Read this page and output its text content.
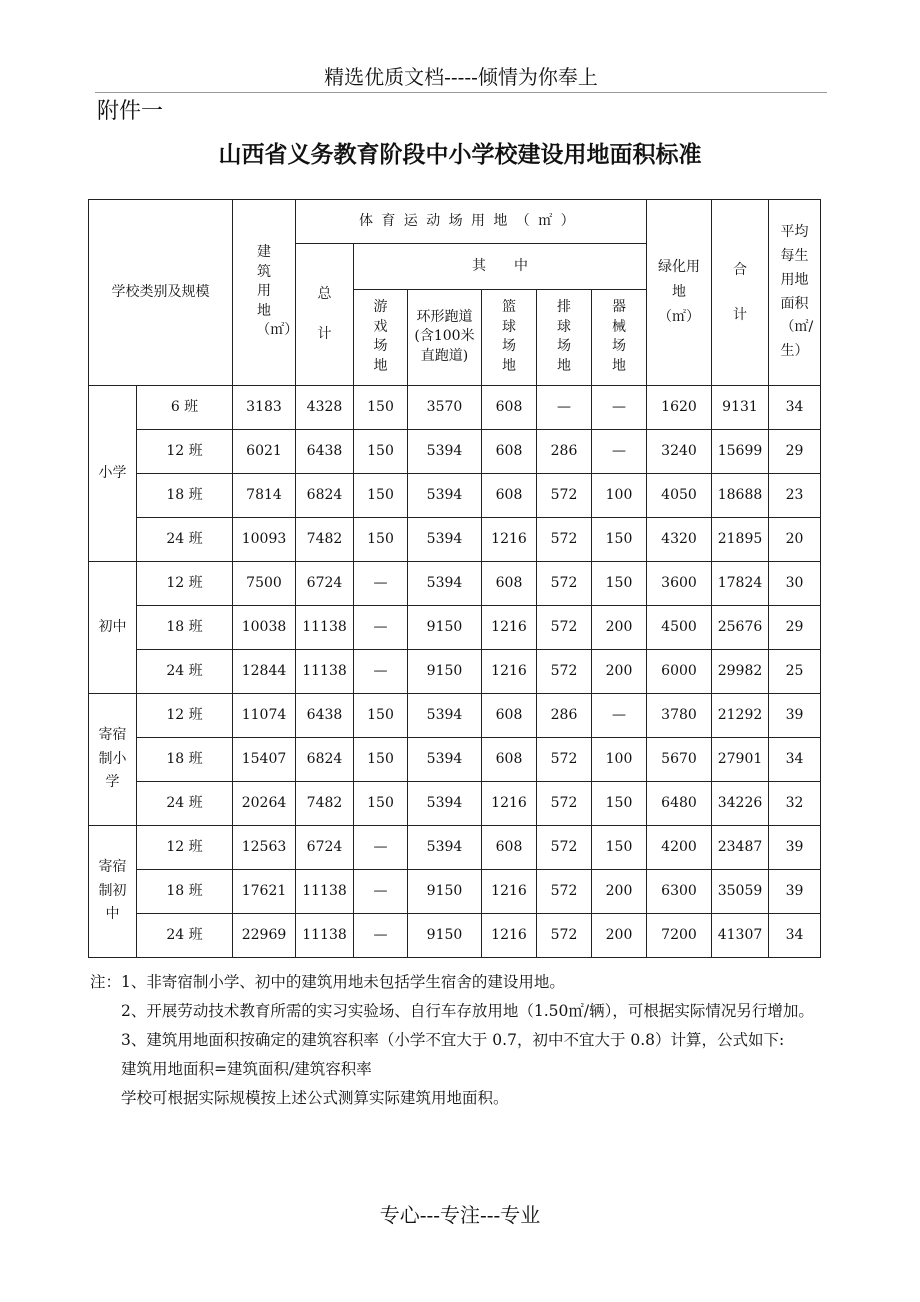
精选优质文档-----倾情为你奉上
附件一
山西省义务教育阶段中小学校建设用地面积标准
学校类别及规模		建筑用地（㎡）	体育运动场用地（㎡）						绿化用地（㎡）	合计	平均每生用地面积（㎡/生）
			总计	其　　中							
				游戏场地	环形跑道(含100米直跑道)	篮球场地	排球场地	器械场地			
小学	6 班	3183	4328	150	3570	608	—	—	1620	9131	34
	12 班	6021	6438	150	5394	608	286	—	3240	15699	29
	18 班	7814	6824	150	5394	608	572	100	4050	18688	23
	24 班	10093	7482	150	5394	1216	572	150	4320	21895	20
初中	12 班	7500	6724	—	5394	608	572	150	3600	17824	30
	18 班	10038	11138	—	9150	1216	572	200	4500	25676	29
	24 班	12844	11138	—	9150	1216	572	200	6000	29982	25
寄宿制小学	12 班	11074	6438	150	5394	608	286	—	3780	21292	39
	18 班	15407	6824	150	5394	608	572	100	5670	27901	34
	24 班	20264	7482	150	5394	1216	572	150	6480	34226	32
寄宿制初中	12 班	12563	6724	—	5394	608	572	150	4200	23487	39
	18 班	17621	11138	—	9150	1216	572	200	6300	35059	39
	24 班	22969	11138	—	9150	1216	572	200	7200	41307	34

注：1、非寄宿制小学、初中的建筑用地未包括学生宿舍的建设用地。

2、开展劳动技术教育所需的实习实验场、自行车存放用地（1.50㎡/辆），可根据实际情况另行增加。

3、建筑用地面积按确定的建筑容积率（小学不宜大于 0.7，初中不宜大于 0.8）计算，公式如下:

建筑用地面积=建筑面积/建筑容积率

学校可根据实际规模按上述公式测算实际建筑用地面积。

专心---专注---专业
